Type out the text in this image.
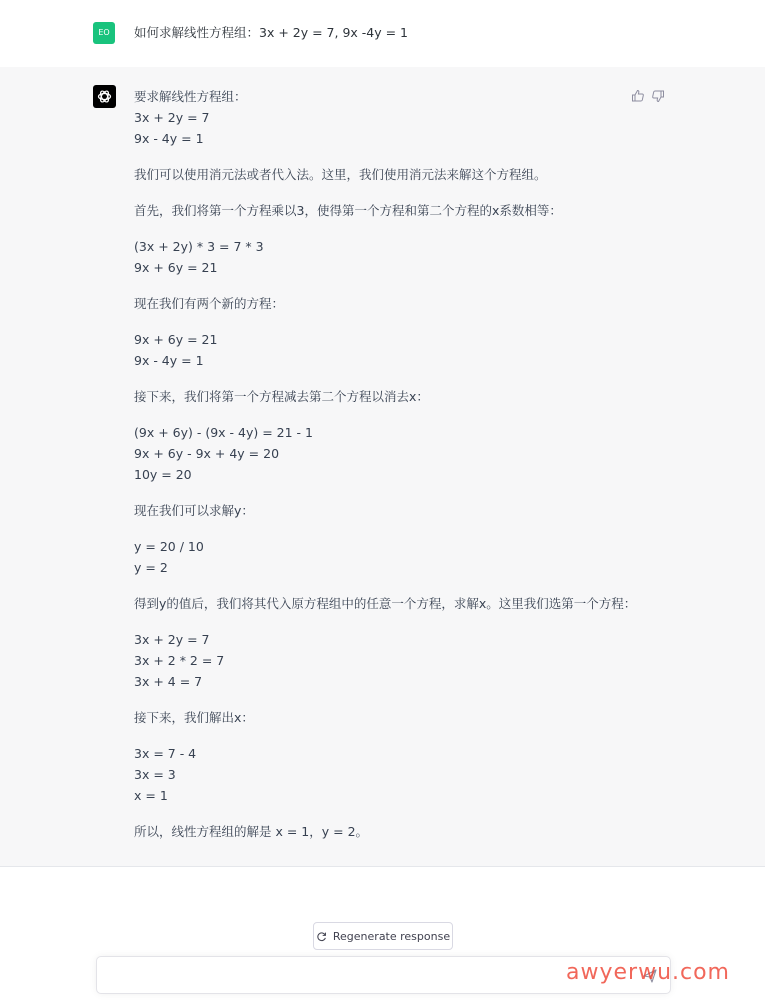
EO	如何求解线性方程组：3x + 2y = 7, 9x -4y = 1
要求解线性方程组：
3x + 2y = 7
9x - 4y = 1
我们可以使用消元法或者代入法。这里，我们使用消元法来解这个方程组。
首先，我们将第一个方程乘以3，使得第一个方程和第二个方程的x系数相等：
(3x + 2y) * 3 = 7 * 3
9x + 6y = 21
现在我们有两个新的方程：
9x + 6y = 21
9x - 4y = 1
接下来，我们将第一个方程减去第二个方程以消去x：
(9x + 6y) - (9x - 4y) = 21 - 1
9x + 6y - 9x + 4y = 20
10y = 20
现在我们可以求解y：
y = 20 / 10
y = 2
得到y的值后，我们将其代入原方程组中的任意一个方程，求解x。这里我们选第一个方程：
3x + 2y = 7
3x + 2 * 2 = 7
3x + 4 = 7
接下来，我们解出x：
3x = 7 - 4
3x = 3
x = 1
所以，线性方程组的解是 x = 1，y = 2。
Regenerate response
awyerwu.com
